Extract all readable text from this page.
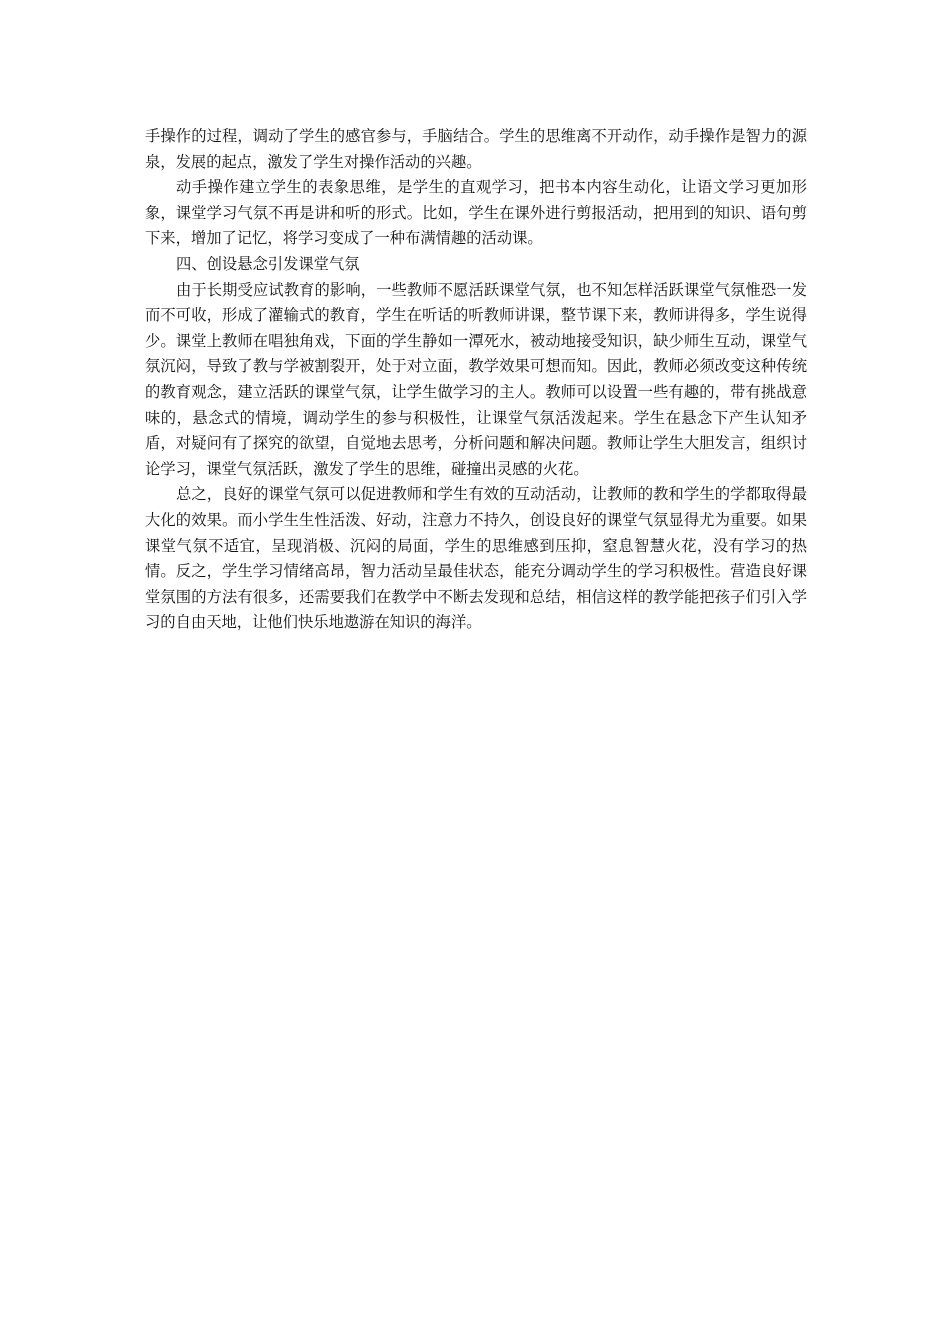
手操作的过程，调动了学生的感官参与，手脑结合。学生的思维离不开动作，动手操作是智力的源泉，发展的起点，激发了学生对操作活动的兴趣。

动手操作建立学生的表象思维，是学生的直观学习，把书本内容生动化，让语文学习更加形象，课堂学习气氛不再是讲和听的形式。比如，学生在课外进行剪报活动，把用到的知识、语句剪下来，增加了记忆，将学习变成了一种布满情趣的活动课。

四、创设悬念引发课堂气氛

由于长期受应试教育的影响，一些教师不愿活跃课堂气氛，也不知怎样活跃课堂气氛惟恐一发而不可收，形成了灌输式的教育，学生在听话的听教师讲课，整节课下来，教师讲得多，学生说得少。课堂上教师在唱独角戏，下面的学生静如一潭死水，被动地接受知识，缺少师生互动，课堂气氛沉闷，导致了教与学被割裂开，处于对立面，教学效果可想而知。因此，教师必须改变这种传统的教育观念，建立活跃的课堂气氛，让学生做学习的主人。教师可以设置一些有趣的，带有挑战意味的，悬念式的情境，调动学生的参与积极性，让课堂气氛活泼起来。学生在悬念下产生认知矛盾，对疑问有了探究的欲望，自觉地去思考，分析问题和解决问题。教师让学生大胆发言，组织讨论学习，课堂气氛活跃，激发了学生的思维，碰撞出灵感的火花。

总之，良好的课堂气氛可以促进教师和学生有效的互动活动，让教师的教和学生的学都取得最大化的效果。而小学生生性活泼、好动，注意力不持久，创设良好的课堂气氛显得尤为重要。如果课堂气氛不适宜，呈现消极、沉闷的局面，学生的思维感到压抑，窒息智慧火花，没有学习的热情。反之，学生学习情绪高昂，智力活动呈最佳状态，能充分调动学生的学习积极性。营造良好课堂氛围的方法有很多，还需要我们在教学中不断去发现和总结，相信这样的教学能把孩子们引入学习的自由天地，让他们快乐地遨游在知识的海洋。
